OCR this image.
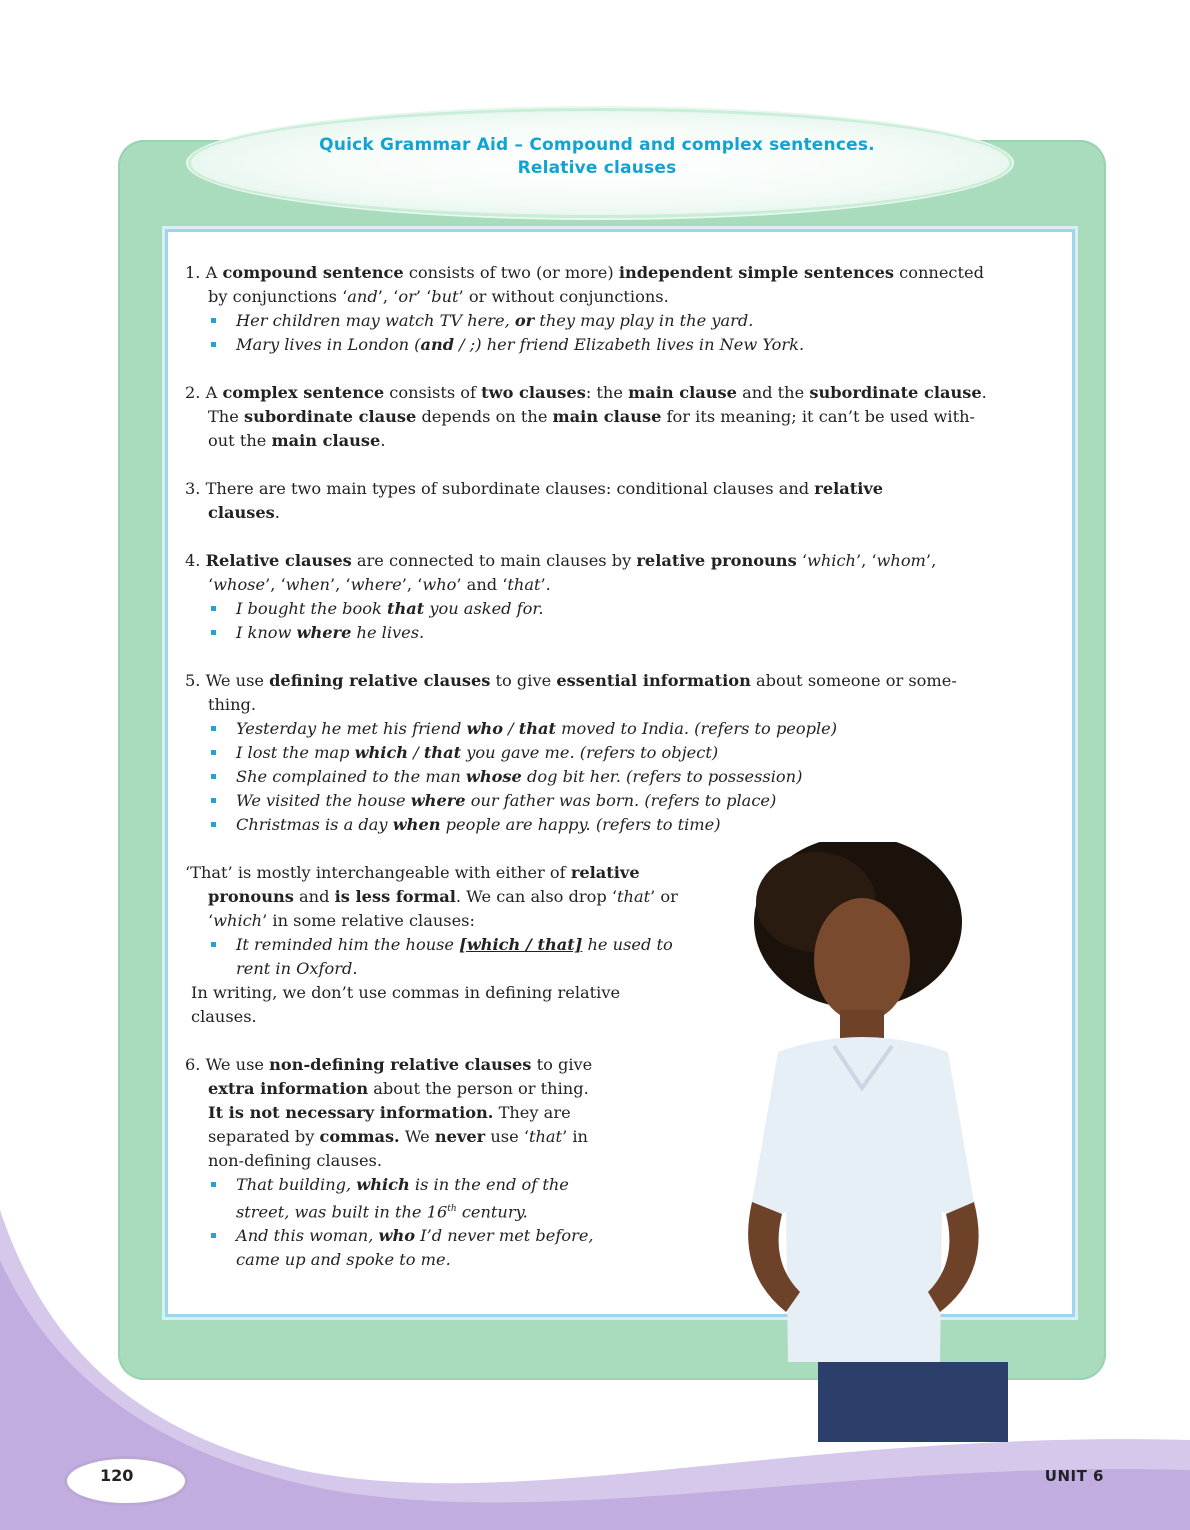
Quick Grammar Aid – Compound and complex sentences.
Relative clauses
1. A compound sentence consists of two (or more) independent simple sentences connected
by conjunctions ‘and’, ‘or’ ‘but’ or without conjunctions.
Her children may watch TV here, or they may play in the yard.
Mary lives in London (and / ;) her friend Elizabeth lives in New York.
2. A complex sentence consists of two clauses: the main clause and the subordinate clause.
The subordinate clause depends on the main clause for its meaning; it can’t be used with-
out the main clause.
3. There are two main types of subordinate clauses: conditional clauses and relative
clauses.
4. Relative clauses are connected to main clauses by relative pronouns ‘which’, ‘whom’,
‘whose’, ‘when’, ‘where’, ‘who’ and ‘that’.
I bought the book that you asked for.
I know where he lives.
5. We use defining relative clauses to give essential information about someone or some-
thing.
Yesterday he met his friend who / that moved to India. (refers to people)
I lost the map which / that you gave me. (refers to object)
She complained to the man whose dog bit her. (refers to possession)
We visited the house where our father was born. (refers to place)
Christmas is a day when people are happy. (refers to time)
‘That’ is mostly interchangeable with either of relative
pronouns and is less formal. We can also drop ‘that’ or
‘which’ in some relative clauses:
It reminded him the house [which / that] he used to
rent in Oxford.
In writing, we don’t use commas in defining relative
clauses.
6. We use non-defining relative clauses to give
extra information about the person or thing.
It is not necessary information. They are
separated by commas. We never use ‘that’ in
non-defining clauses.
That building, which is in the end of the
street, was built in the 16th century.
And this woman, who I’d never met before,
came up and spoke to me.
120	UNIT 6
